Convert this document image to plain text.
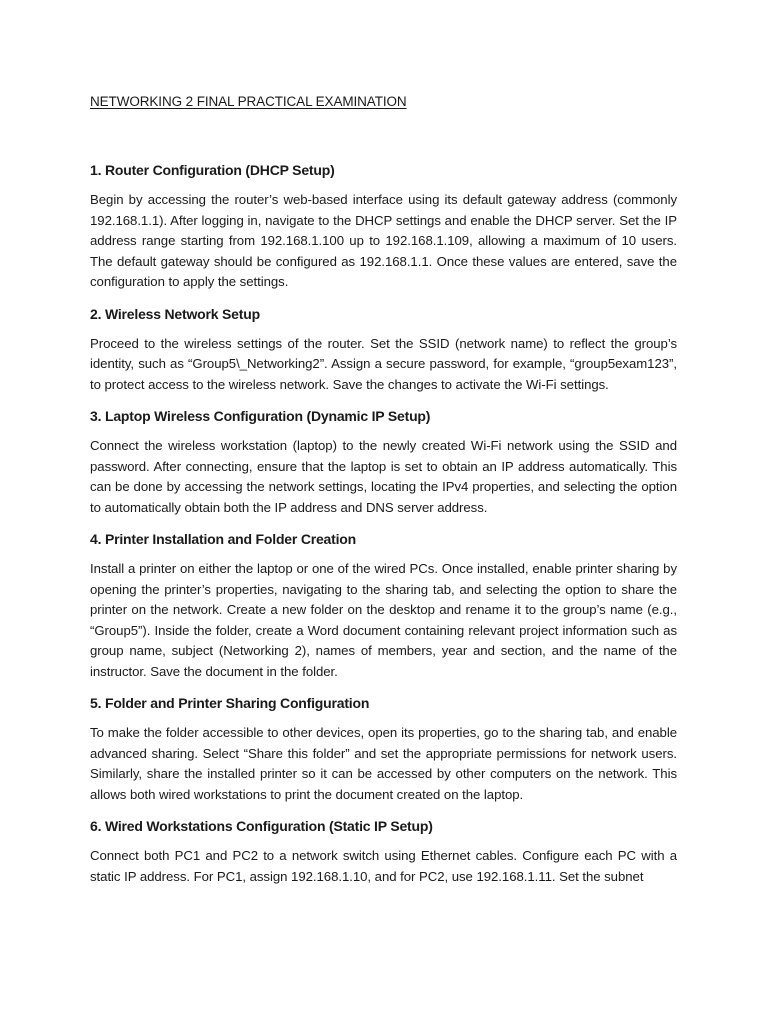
NETWORKING 2 FINAL PRACTICAL EXAMINATION
1. Router Configuration (DHCP Setup)
Begin by accessing the router’s web-based interface using its default gateway address (commonly 192.168.1.1). After logging in, navigate to the DHCP settings and enable the DHCP server. Set the IP address range starting from 192.168.1.100 up to 192.168.1.109, allowing a maximum of 10 users. The default gateway should be configured as 192.168.1.1. Once these values are entered, save the configuration to apply the settings.
2. Wireless Network Setup
Proceed to the wireless settings of the router. Set the SSID (network name) to reflect the group’s identity, such as “Group5\_Networking2”. Assign a secure password, for example, “group5exam123”, to protect access to the wireless network. Save the changes to activate the Wi-Fi settings.
3. Laptop Wireless Configuration (Dynamic IP Setup)
Connect the wireless workstation (laptop) to the newly created Wi-Fi network using the SSID and password. After connecting, ensure that the laptop is set to obtain an IP address automatically. This can be done by accessing the network settings, locating the IPv4 properties, and selecting the option to automatically obtain both the IP address and DNS server address.
4. Printer Installation and Folder Creation
Install a printer on either the laptop or one of the wired PCs. Once installed, enable printer sharing by opening the printer’s properties, navigating to the sharing tab, and selecting the option to share the printer on the network. Create a new folder on the desktop and rename it to the group’s name (e.g., “Group5”). Inside the folder, create a Word document containing relevant project information such as group name, subject (Networking 2), names of members, year and section, and the name of the instructor. Save the document in the folder.
5. Folder and Printer Sharing Configuration
To make the folder accessible to other devices, open its properties, go to the sharing tab, and enable advanced sharing. Select “Share this folder” and set the appropriate permissions for network users. Similarly, share the installed printer so it can be accessed by other computers on the network. This allows both wired workstations to print the document created on the laptop.
6. Wired Workstations Configuration (Static IP Setup)
Connect both PC1 and PC2 to a network switch using Ethernet cables. Configure each PC with a static IP address. For PC1, assign 192.168.1.10, and for PC2, use 192.168.1.11. Set the subnet
